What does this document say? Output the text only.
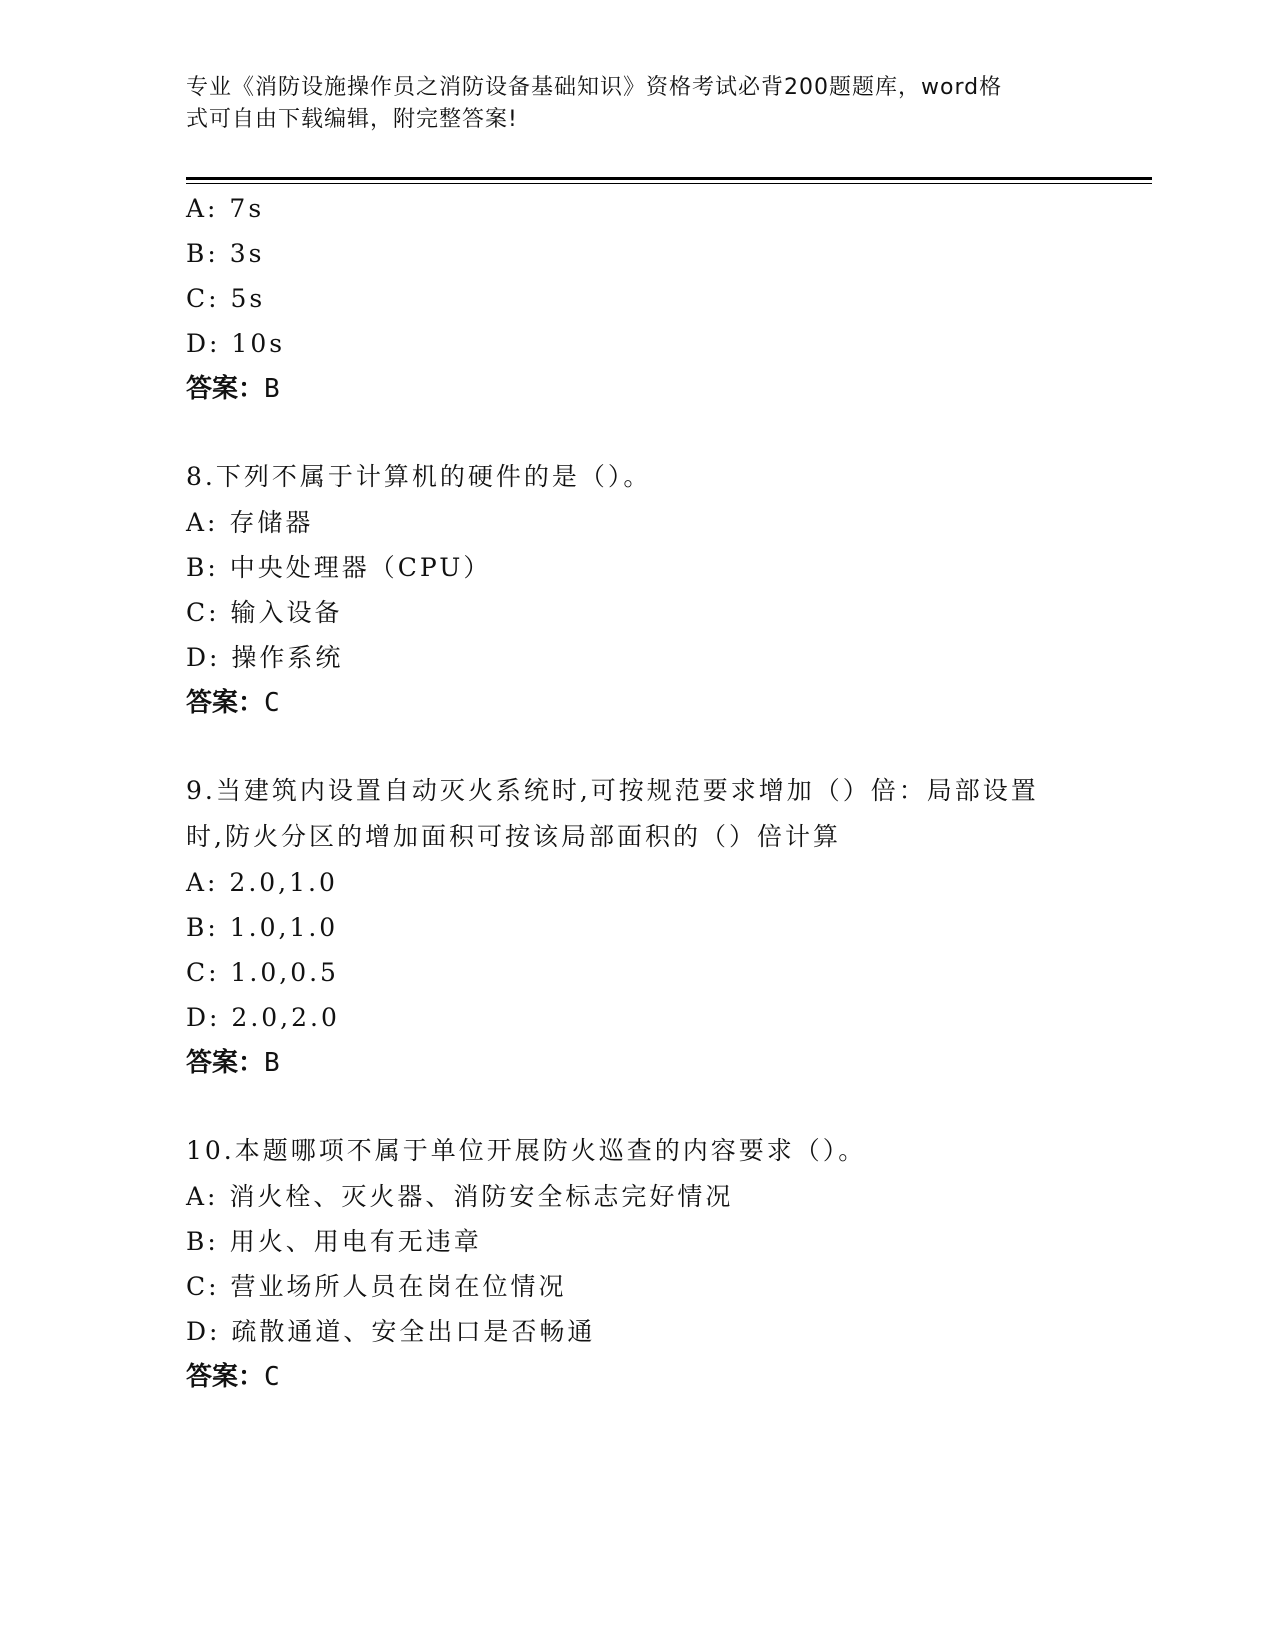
专业《消防设施操作员之消防设备基础知识》资格考试必背200题题库，word格
式可自由下载编辑，附完整答案!
A: 7s
B: 3s
C: 5s
D: 10s
答案：B
8.下列不属于计算机的硬件的是（）。
A: 存储器
B: 中央处理器（CPU）
C: 输入设备
D: 操作系统
答案：C
9.当建筑内设置自动灭火系统时,可按规范要求增加（）倍：局部设置
时,防火分区的增加面积可按该局部面积的（）倍计算
A: 2.0,1.0
B: 1.0,1.0
C: 1.0,0.5
D: 2.0,2.0
答案：B
10.本题哪项不属于单位开展防火巡查的内容要求（）。
A: 消火栓、灭火器、消防安全标志完好情况
B: 用火、用电有无违章
C: 营业场所人员在岗在位情况
D: 疏散通道、安全出口是否畅通
答案：C
